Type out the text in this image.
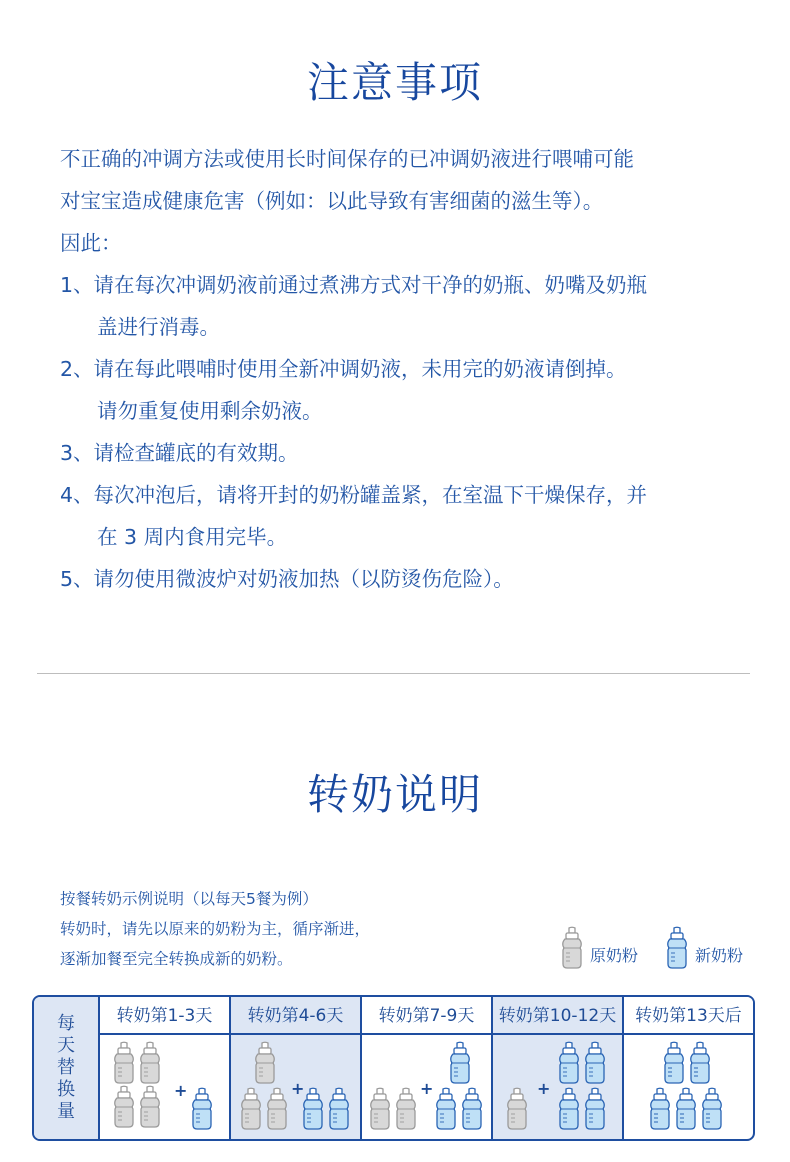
注意事项
不正确的冲调方法或使用长时间保存的已冲调奶液进行喂哺可能
对宝宝造成健康危害（例如：以此导致有害细菌的滋生等）。
因此：
1、请在每次冲调奶液前通过煮沸方式对干净的奶瓶、奶嘴及奶瓶
盖进行消毒。
2、请在每此喂哺时使用全新冲调奶液，未用完的奶液请倒掉。
请勿重复使用剩余奶液。
3、请检查罐底的有效期。
4、每次冲泡后，请将开封的奶粉罐盖紧，在室温下干燥保存，并
在 3 周内食用完毕。
5、请勿使用微波炉对奶液加热（以防烫伤危险）。
转奶说明
按餐转奶示例说明（以每天5餐为例）
转奶时，请先以原来的奶粉为主，循序渐进，
逐渐加餐至完全转换成新的奶粉。	原奶粉	新奶粉
每
天
替
换
量
转奶第1-3天
+
转奶第4-6天
+
转奶第7-9天
+
转奶第10-12天
+
转奶第13天后
